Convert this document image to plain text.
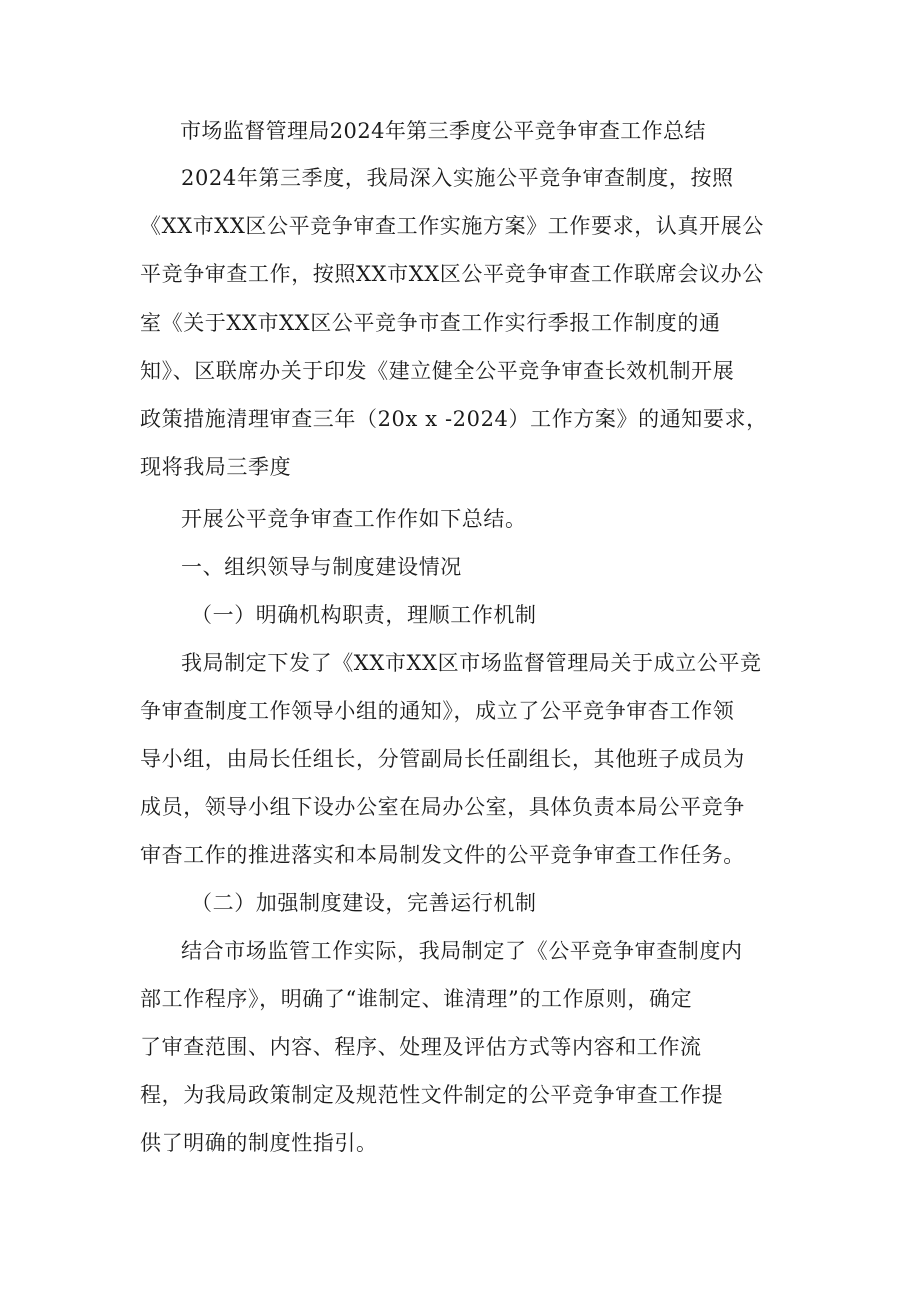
市场监督管理局2024年第三季度公平竞争审查工作总结
2024年第三季度，我局深入实施公平竞争审查制度，按照
《XX市XX区公平竞争审查工作实施方案》工作要求，认真开展公
平竞争审查工作，按照XX市XX区公平竞争审查工作联席会议办公
室《关于XX市XX区公平竞争市查工作实行季报工作制度的通
知》、区联席办关于印发《建立健全公平竞争审查长效机制开展
政策措施清理审查三年（20x x -2024）工作方案》的通知要求，
现将我局三季度
开展公平竞争审查工作作如下总结。
一、组织领导与制度建设情况
（一）明确机构职责，理顺工作机制
我局制定下发了《XX市XX区市场监督管理局关于成立公平竞
争审查制度工作领导小组的通知》，成立了公平竞争审杳工作领
导小组，由局长任组长，分管副局长任副组长，其他班子成员为
成员，领导小组下设办公室在局办公室，具体负责本局公平竞争
审杳工作的推进落实和本局制发文件的公平竞争审查工作任务。
（二）加强制度建设，完善运行机制
结合市场监管工作实际，我局制定了《公平竞争审查制度内
部工作程序》，明确了“谁制定、谁清理”的工作原则，确定
了审查范围、内容、程序、处理及评估方式等内容和工作流
程，为我局政策制定及规范性文件制定的公平竞争审查工作提
供了明确的制度性指引。
